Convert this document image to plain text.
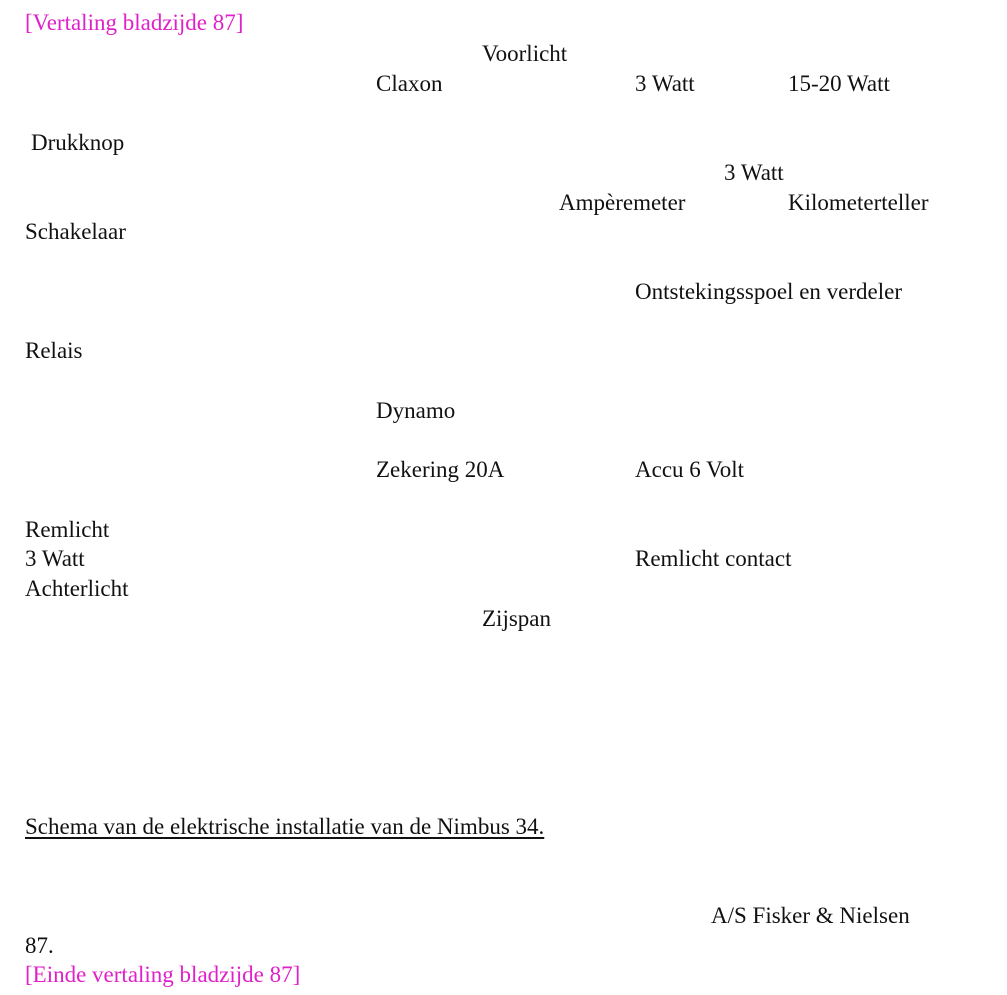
[Vertaling bladzijde 87]
Voorlicht
Claxon	3 Watt	15-20 Watt
Drukknop
3 Watt
Ampèremeter	Kilometerteller
Schakelaar
Ontstekingsspoel en verdeler
Relais
Dynamo
Zekering 20A	Accu 6 Volt
Remlicht
3 Watt	Remlicht contact
Achterlicht
Zijspan
Schema van de elektrische installatie van de Nimbus 34.
A/S Fisker & Nielsen
87.
[Einde vertaling bladzijde 87]
